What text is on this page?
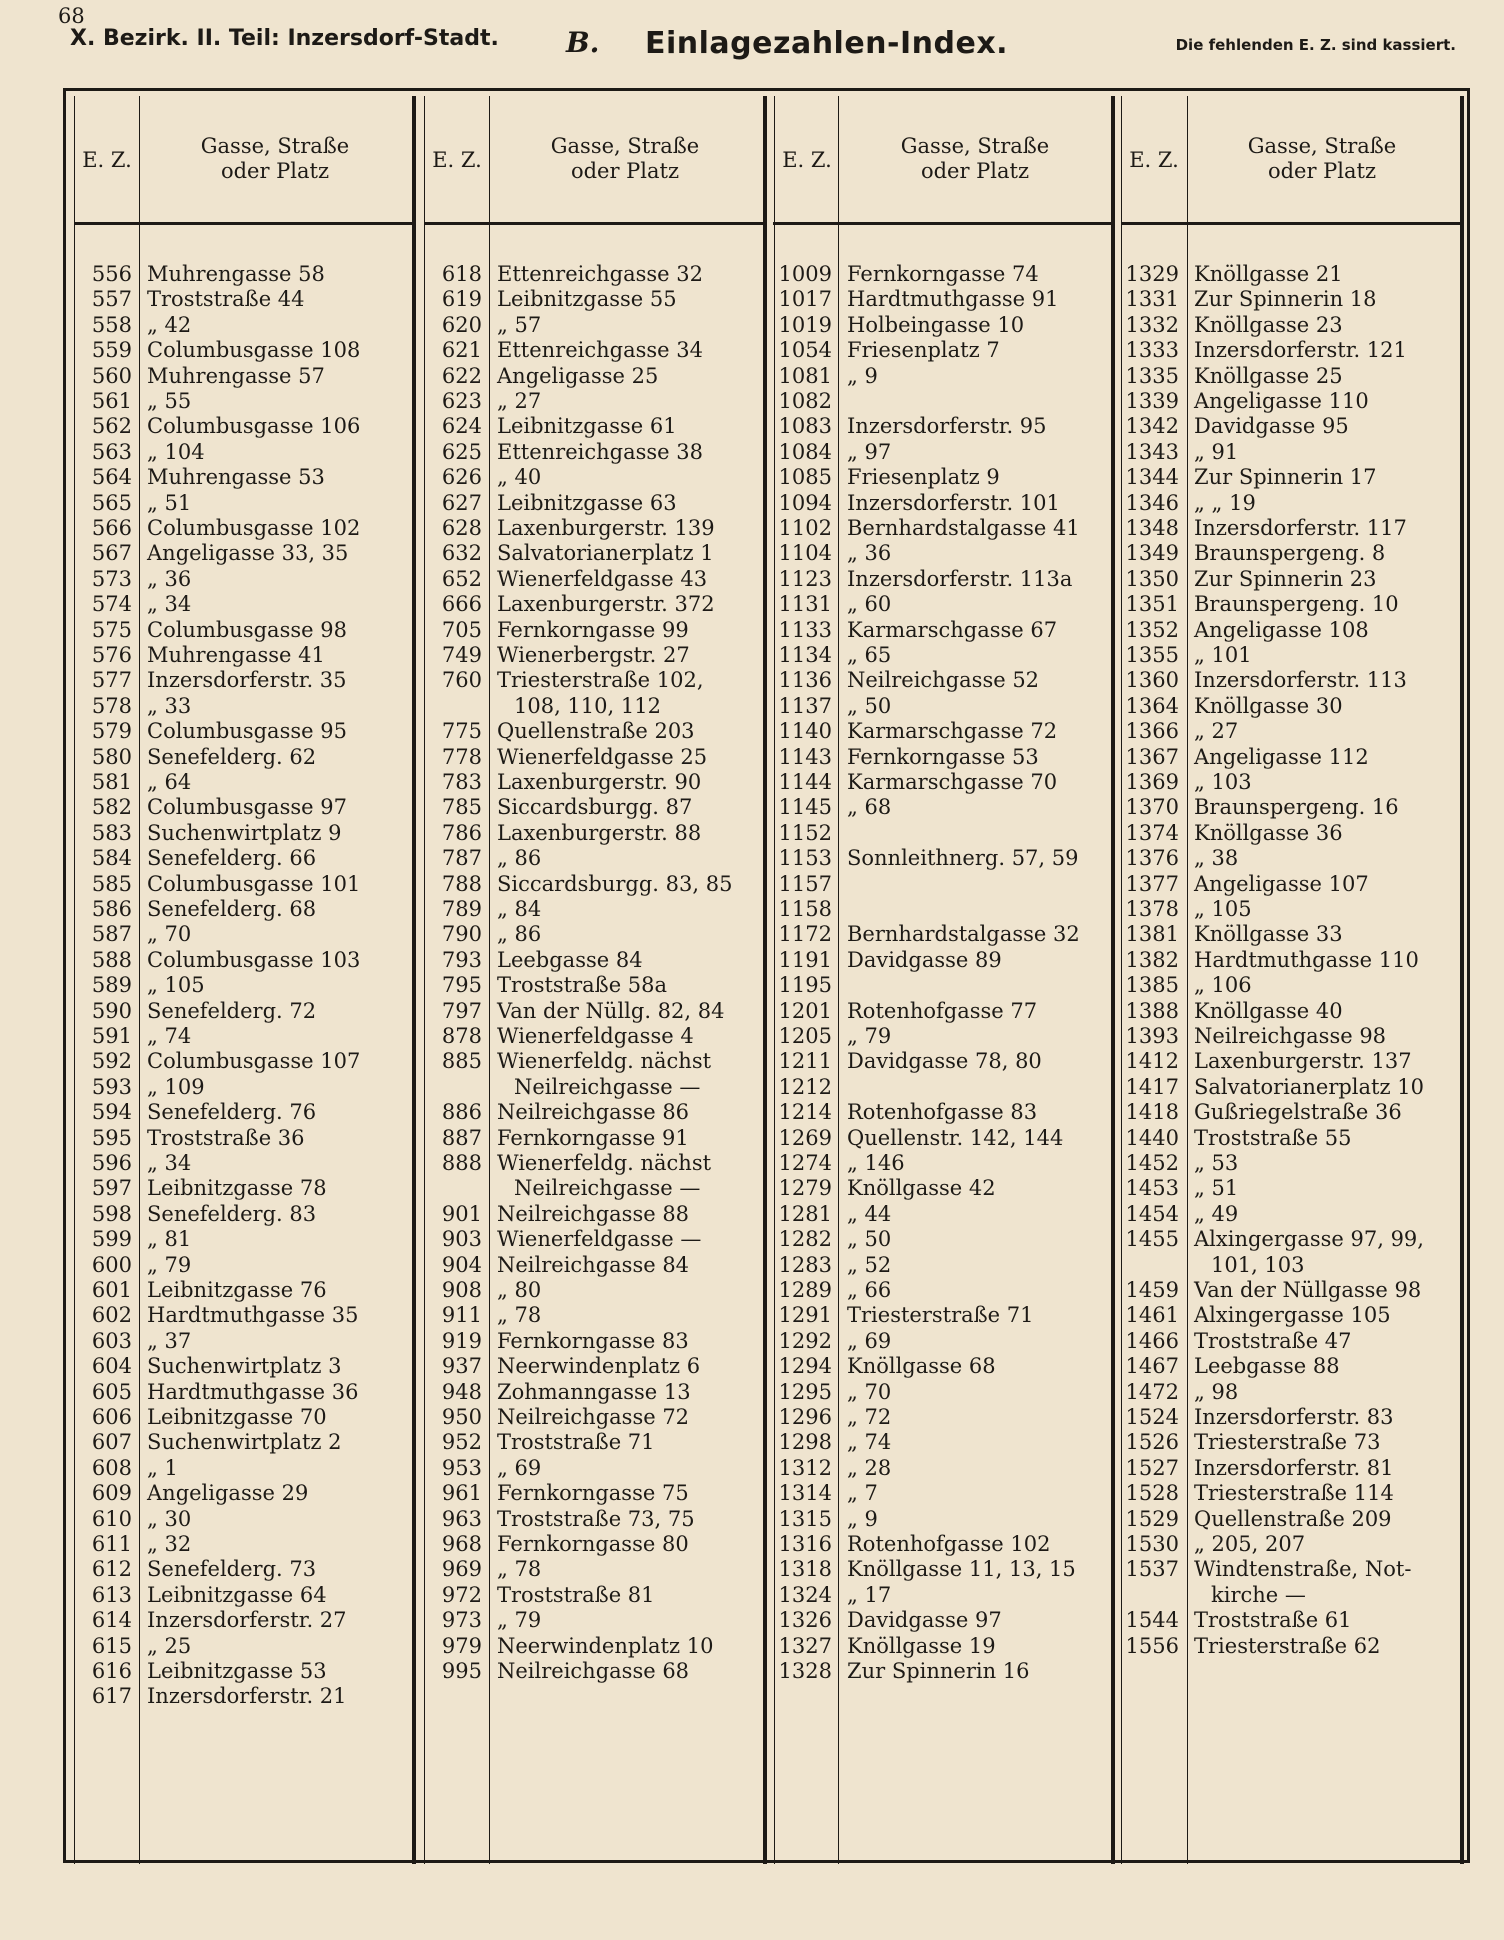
68
X. Bezirk. II. Teil: Inzersdorf-Stadt. B. Einlagezahlen-Index.	Die fehlenden E. Z. sind kassiert.
E. Z.
Gasse, Straße
oder Platz
556 Muhrengasse 58
557 Troststraße 44
558 „ 42
559 Columbusgasse 108
560 Muhrengasse 57
561 „ 55
562 Columbusgasse 106
563 „ 104
564 Muhrengasse 53
565 „ 51
566 Columbusgasse 102
567 Angeligasse 33, 35
573 „ 36
574 „ 34
575 Columbusgasse 98
576 Muhrengasse 41
577 Inzersdorferstr. 35
578 „ 33
579 Columbusgasse 95
580 Senefelderg. 62
581 „ 64
582 Columbusgasse 97
583 Suchenwirtplatz 9
584 Senefelderg. 66
585 Columbusgasse 101
586 Senefelderg. 68
587 „ 70
588 Columbusgasse 103
589 „ 105
590 Senefelderg. 72
591 „ 74
592 Columbusgasse 107
593 „ 109
594 Senefelderg. 76
595 Troststraße 36
596 „ 34
597 Leibnitzgasse 78
598 Senefelderg. 83
599 „ 81
600 „ 79
601 Leibnitzgasse 76
602 Hardtmuthgasse 35
603 „ 37
604 Suchenwirtplatz 3
605 Hardtmuthgasse 36
606 Leibnitzgasse 70
607 Suchenwirtplatz 2
608 „ 1
609 Angeligasse 29
610 „ 30
611 „ 32
612 Senefelderg. 73
613 Leibnitzgasse 64
614 Inzersdorferstr. 27
615 „ 25
616 Leibnitzgasse 53
617 Inzersdorferstr. 21
E. Z.
Gasse, Straße
oder Platz
618 Ettenreichgasse 32
619 Leibnitzgasse 55
620 „ 57
621 Ettenreichgasse 34
622 Angeligasse 25
623 „ 27
624 Leibnitzgasse 61
625 Ettenreichgasse 38
626 „ 40
627 Leibnitzgasse 63
628 Laxenburgerstr. 139
632 Salvatorianerplatz 1
652 Wienerfeldgasse 43
666 Laxenburgerstr. 372
705 Fernkorngasse 99
749 Wienerbergstr. 27
760 Triesterstraße 102,
108, 110, 112
775 Quellenstraße 203
778 Wienerfeldgasse 25
783 Laxenburgerstr. 90
785 Siccardsburgg. 87
786 Laxenburgerstr. 88
787 „ 86
788 Siccardsburgg. 83, 85
789 „ 84
790 „ 86
793 Leebgasse 84
795 Troststraße 58a
797 Van der Nüllg. 82, 84
878 Wienerfeldgasse 4
885 Wienerfeldg. nächst
Neilreichgasse —
886 Neilreichgasse 86
887 Fernkorngasse 91
888 Wienerfeldg. nächst
Neilreichgasse —
901 Neilreichgasse 88
903 Wienerfeldgasse —
904 Neilreichgasse 84
908 „ 80
911 „ 78
919 Fernkorngasse 83
937 Neerwindenplatz 6
948 Zohmanngasse 13
950 Neilreichgasse 72
952 Troststraße 71
953 „ 69
961 Fernkorngasse 75
963 Troststraße 73, 75
968 Fernkorngasse 80
969 „ 78
972 Troststraße 81
973 „ 79
979 Neerwindenplatz 10
995 Neilreichgasse 68
E. Z.
Gasse, Straße
oder Platz
1009 Fernkorngasse 74
1017 Hardtmuthgasse 91
1019 Holbeingasse 10
1054 Friesenplatz 7
1081 „ 9
1082
1083 Inzersdorferstr. 95
1084 „ 97
1085 Friesenplatz 9
1094 Inzersdorferstr. 101
1102 Bernhardstalgasse 41
1104 „ 36
1123 Inzersdorferstr. 113a
1131 „ 60
1133 Karmarschgasse 67
1134 „ 65
1136 Neilreichgasse 52
1137 „ 50
1140 Karmarschgasse 72
1143 Fernkorngasse 53
1144 Karmarschgasse 70
1145 „ 68
1152
1153 Sonnleithnerg. 57, 59
1157
1158
1172 Bernhardstalgasse 32
1191 Davidgasse 89
1195
1201 Rotenhofgasse 77
1205 „ 79
1211 Davidgasse 78, 80
1212
1214 Rotenhofgasse 83
1269 Quellenstr. 142, 144
1274 „ 146
1279 Knöllgasse 42
1281 „ 44
1282 „ 50
1283 „ 52
1289 „ 66
1291 Triesterstraße 71
1292 „ 69
1294 Knöllgasse 68
1295 „ 70
1296 „ 72
1298 „ 74
1312 „ 28
1314 „ 7
1315 „ 9
1316 Rotenhofgasse 102
1318 Knöllgasse 11, 13, 15
1324 „ 17
1326 Davidgasse 97
1327 Knöllgasse 19
1328 Zur Spinnerin 16
E. Z.
Gasse, Straße
oder Platz
1329 Knöllgasse 21
1331 Zur Spinnerin 18
1332 Knöllgasse 23
1333 Inzersdorferstr. 121
1335 Knöllgasse 25
1339 Angeligasse 110
1342 Davidgasse 95
1343 „ 91
1344 Zur Spinnerin 17
1346 „ „ 19
1348 Inzersdorferstr. 117
1349 Braunspergeng. 8
1350 Zur Spinnerin 23
1351 Braunspergeng. 10
1352 Angeligasse 108
1355 „ 101
1360 Inzersdorferstr. 113
1364 Knöllgasse 30
1366 „ 27
1367 Angeligasse 112
1369 „ 103
1370 Braunspergeng. 16
1374 Knöllgasse 36
1376 „ 38
1377 Angeligasse 107
1378 „ 105
1381 Knöllgasse 33
1382 Hardtmuthgasse 110
1385 „ 106
1388 Knöllgasse 40
1393 Neilreichgasse 98
1412 Laxenburgerstr. 137
1417 Salvatorianerplatz 10
1418 Gußriegelstraße 36
1440 Troststraße 55
1452 „ 53
1453 „ 51
1454 „ 49
1455 Alxingergasse 97, 99,
101, 103
1459 Van der Nüllgasse 98
1461 Alxingergasse 105
1466 Troststraße 47
1467 Leebgasse 88
1472 „ 98
1524 Inzersdorferstr. 83
1526 Triesterstraße 73
1527 Inzersdorferstr. 81
1528 Triesterstraße 114
1529 Quellenstraße 209
1530 „ 205, 207
1537 Windtenstraße, Not-
kirche —
1544 Troststraße 61
1556 Triesterstraße 62
